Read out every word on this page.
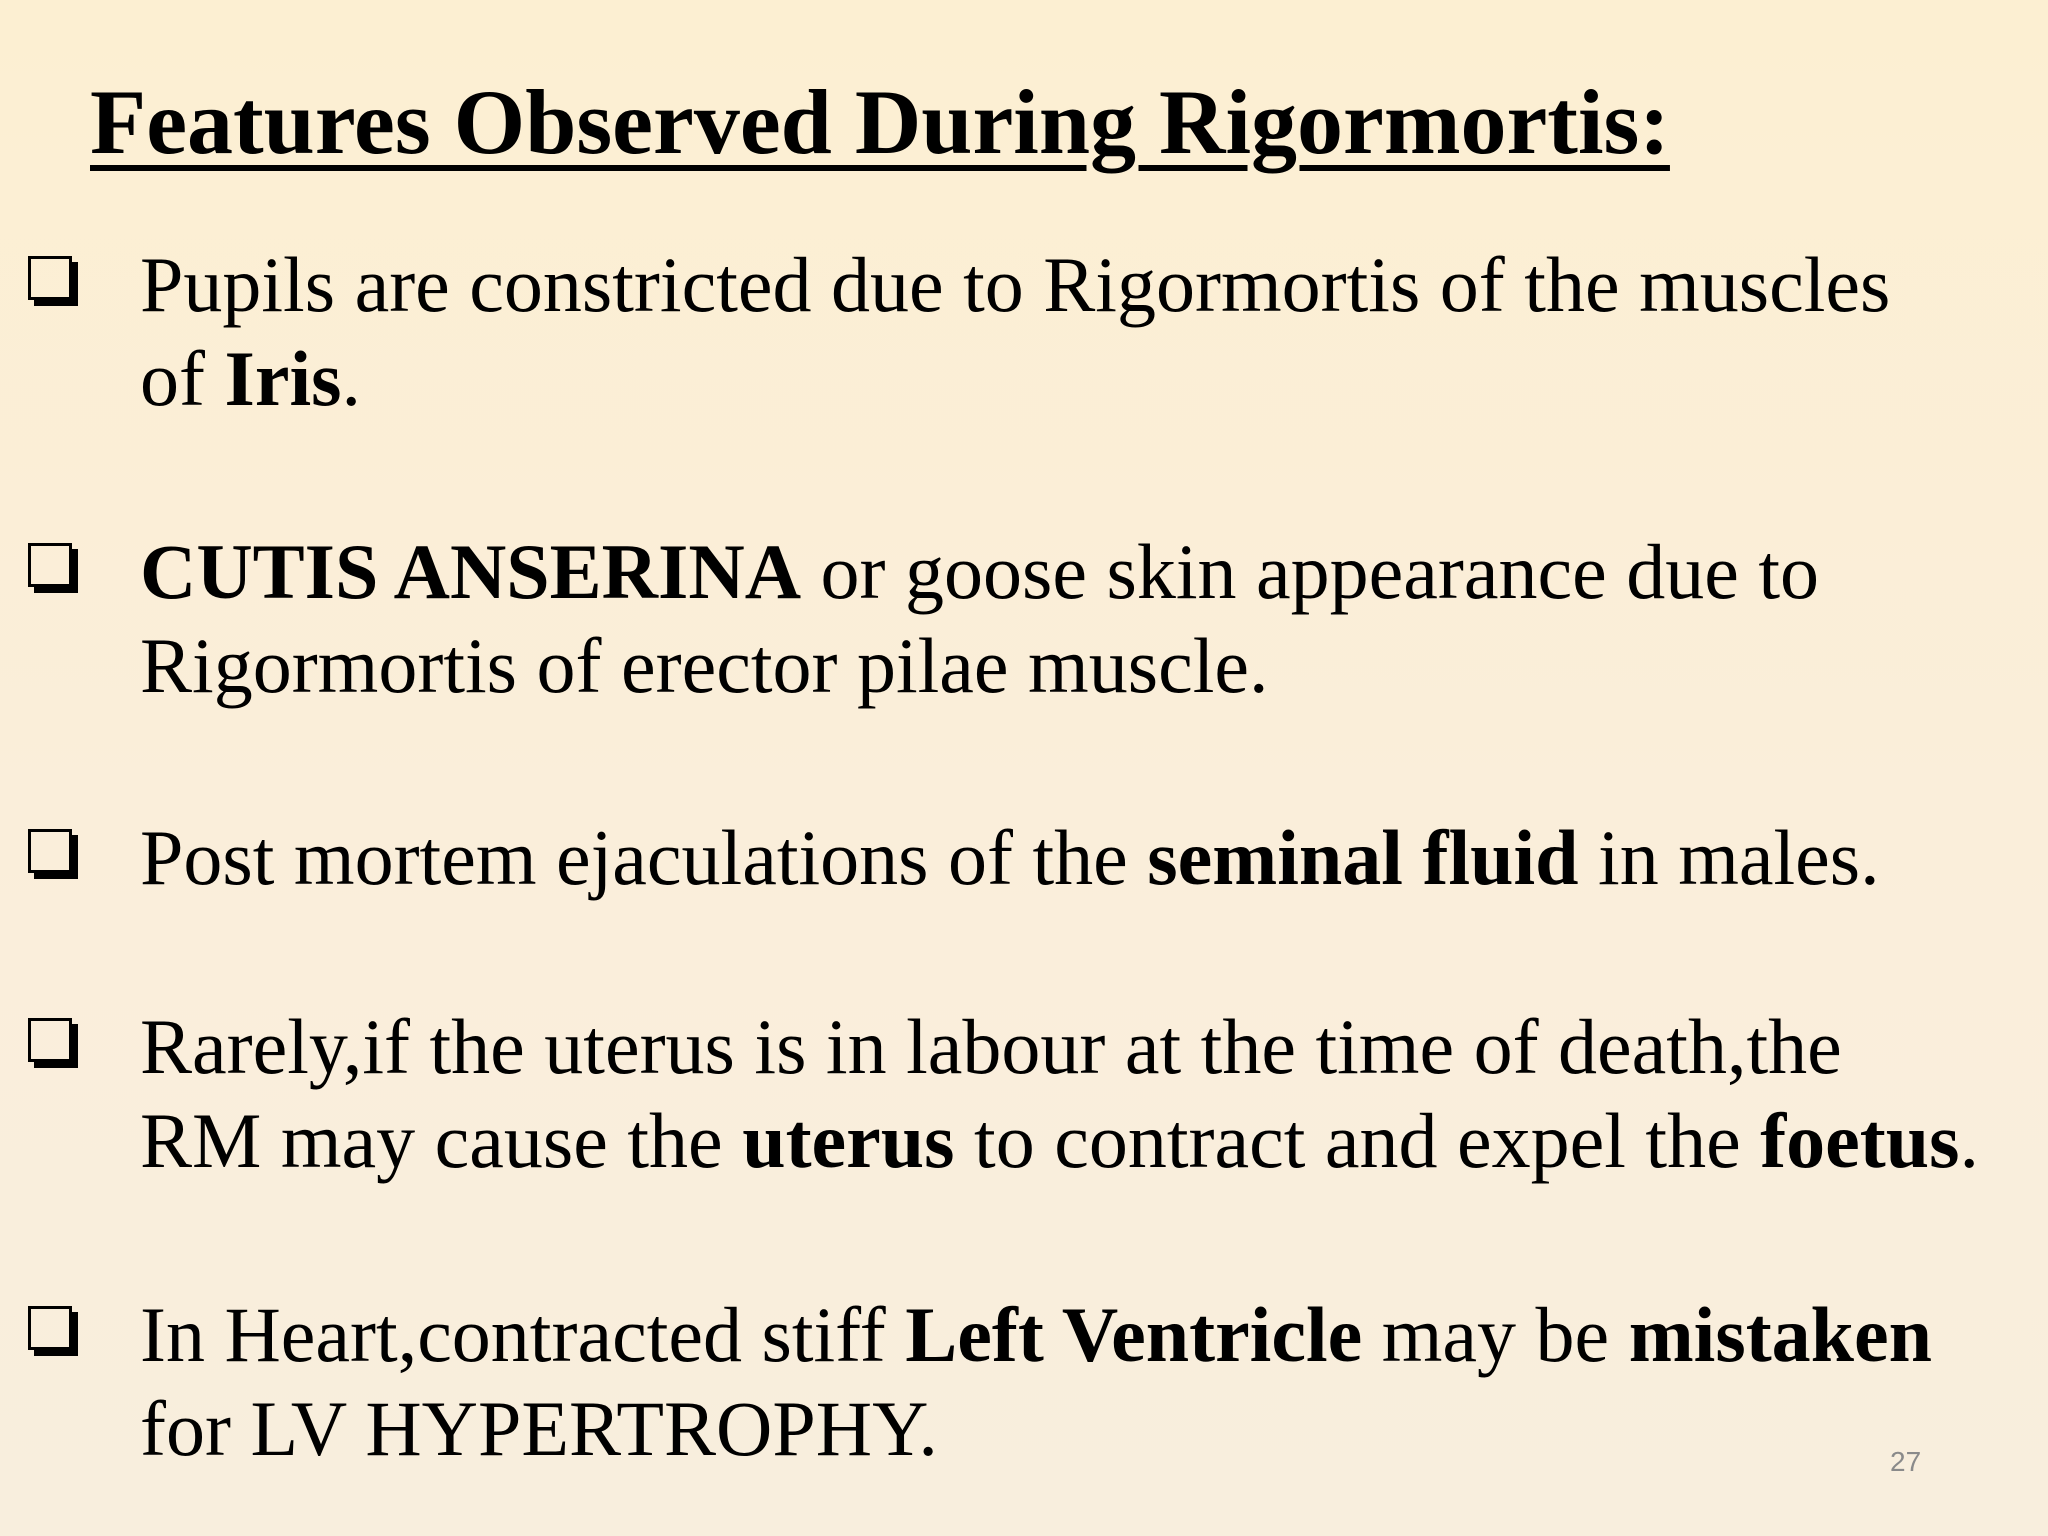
Features Observed During Rigormortis:
Pupils are constricted due to Rigormortis of the muscles
of Iris.
CUTIS ANSERINA or goose skin appearance due to
Rigormortis of erector pilae muscle.
Post mortem ejaculations of the seminal fluid in males.
Rarely,if the uterus is in labour at the time of death,the
RM may cause the uterus to contract and expel the foetus.
In Heart,contracted stiff Left Ventricle may be mistaken
for LV HYPERTROPHY.	27
